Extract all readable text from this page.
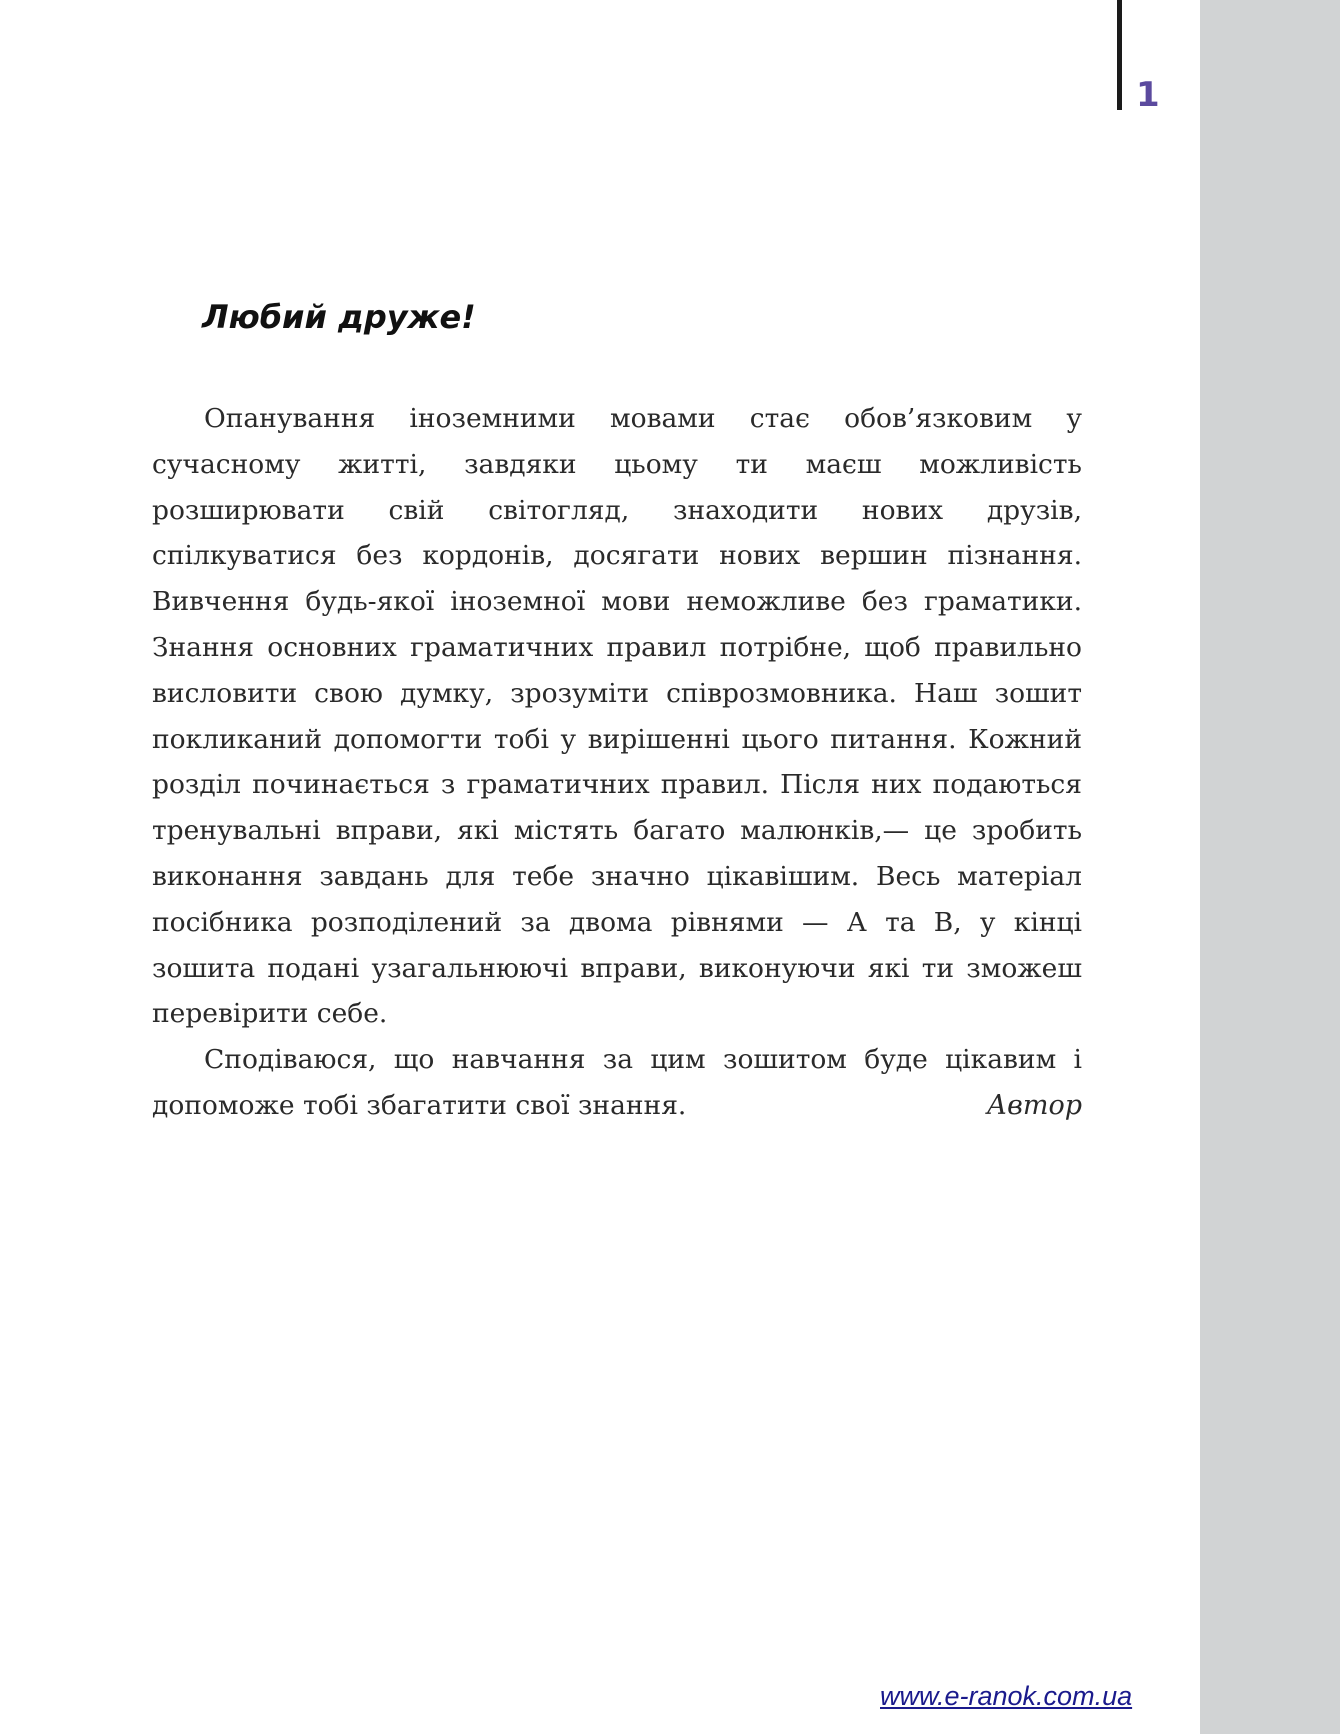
1
Любий друже!

Опанування іноземними мовами стає обов’язковим у сучасному житті, завдяки цьому ти маєш можливість розширювати свій світогляд, знаходити нових друзів, спілкуватися без кордонів, досягати нових вершин пізнання. Вивчення будь-якої іноземної мови неможливе без граматики. Знання основних граматичних правил потрібне, щоб правильно висловити свою думку, зрозуміти співрозмовника. Наш зошит покликаний допомогти тобі у вирішенні цього питання. Кожний розділ починається з граматичних правил. Після них подаються тренувальні вправи, які містять багато малюнків,— це зробить виконання завдань для тебе значно цікавішим. Весь матеріал посібника розподілений за двома рівнями — А та В, у кінці зошита подані узагальнюючі вправи, виконуючи які ти зможеш перевірити себе.

Сподіваюся, що навчання за цим зошитом буде цікавим і допоможе тобі збагатити свої знання.	Автор
www.e-ranok.com.ua
